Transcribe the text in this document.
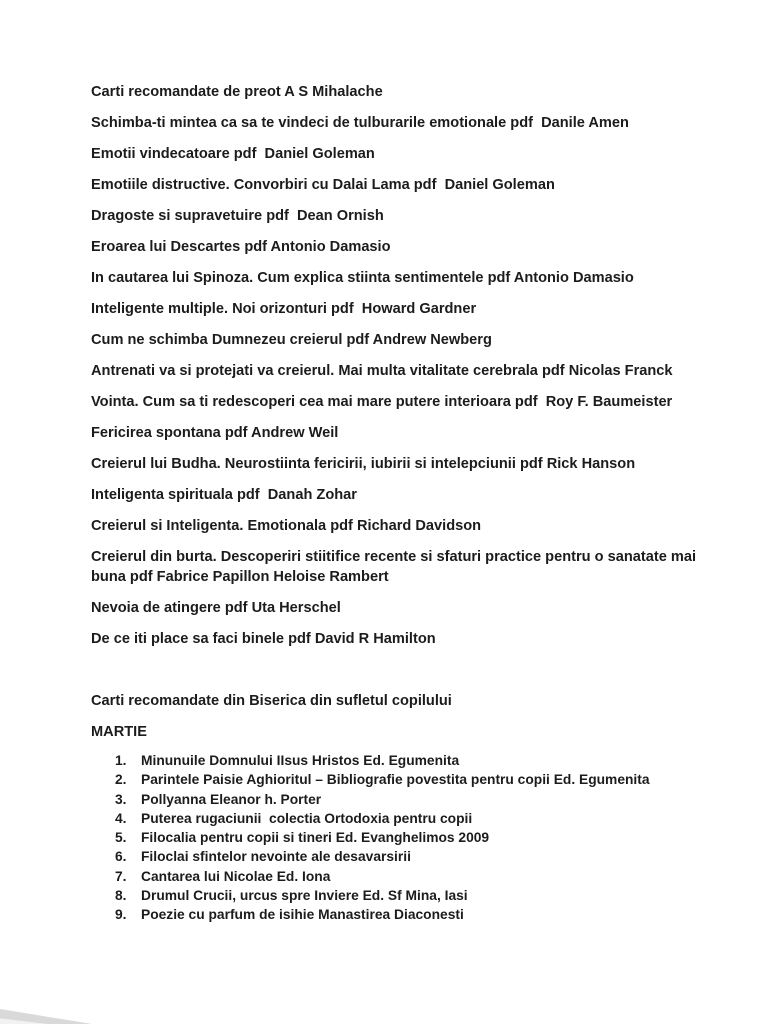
Carti recomandate de preot A S Mihalache

Schimba-ti mintea ca sa te vindeci de tulburarile emotionale pdf  Danile Amen

Emotii vindecatoare pdf  Daniel Goleman

Emotiile distructive. Convorbiri cu Dalai Lama pdf  Daniel Goleman

Dragoste si supravetuire pdf  Dean Ornish

Eroarea lui Descartes pdf Antonio Damasio

In cautarea lui Spinoza. Cum explica stiinta sentimentele pdf Antonio Damasio

Inteligente multiple. Noi orizonturi pdf  Howard Gardner

Cum ne schimba Dumnezeu creierul pdf Andrew Newberg

Antrenati va si protejati va creierul. Mai multa vitalitate cerebrala pdf Nicolas Franck

Vointa. Cum sa ti redescoperi cea mai mare putere interioara pdf  Roy F. Baumeister

Fericirea spontana pdf Andrew Weil

Creierul lui Budha. Neurostiinta fericirii, iubirii si intelepciunii pdf Rick Hanson

Inteligenta spirituala pdf  Danah Zohar

Creierul si Inteligenta. Emotionala pdf Richard Davidson

Creierul din burta. Descoperiri stiitifice recente si sfaturi practice pentru o sanatate mai buna pdf Fabrice Papillon Heloise Rambert

Nevoia de atingere pdf Uta Herschel

De ce iti place sa faci binele pdf David R Hamilton

Carti recomandate din Biserica din sufletul copilului

MARTIE

1.	Minunuile Domnului IIsus Hristos Ed. Egumenita
2.	Parintele Paisie Aghioritul – Bibliografie povestita pentru copii Ed. Egumenita
3.	Pollyanna Eleanor h. Porter
4.	Puterea rugaciunii  colectia Ortodoxia pentru copii
5.	Filocalia pentru copii si tineri Ed. Evanghelimos 2009
6.	Filoclai sfintelor nevointe ale desavarsirii
7.	Cantarea lui Nicolae Ed. Iona
8.	Drumul Crucii, urcus spre Inviere Ed. Sf Mina, Iasi
9.	Poezie cu parfum de isihie Manastirea Diaconesti
